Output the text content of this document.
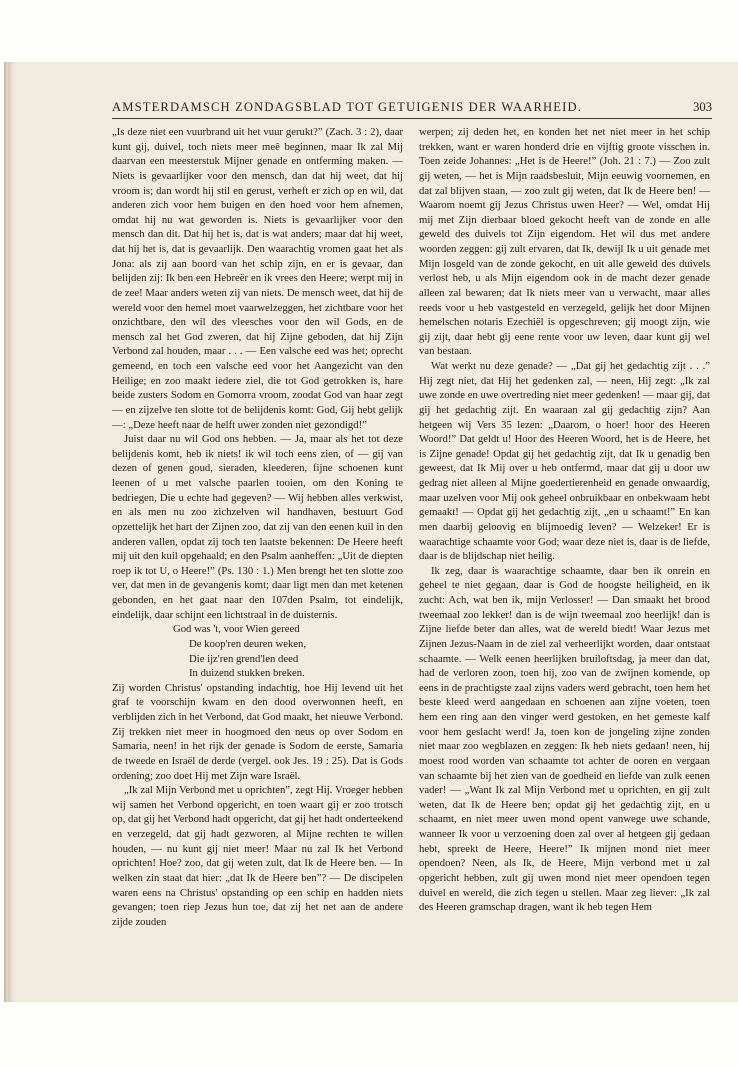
AMSTERDAMSCH ZONDAGSBLAD TOT GETUIGENIS DER WAARHEID.	303

„Is deze niet een vuurbrand uit het vuur gerukt?” (Zach. 3 : 2), daar kunt gij, duivel, toch niets meer meê beginnen, maar Ik zal Mij daarvan een meesterstuk Mijner genade en ontferming maken. — Niets is gevaarlijker voor den mensch, dan dat hij weet, dat hij vroom is; dan wordt hij stil en gerust, verheft er zich op en wil, dat anderen zich voor hem buigen en den hoed voor hem afnemen, omdat hij nu wat geworden is. Niets is gevaarlijker voor den mensch dan dit. Dat hij het is, dat is wat anders; maar dat hij weet, dat hij het is, dat is gevaarlijk. Den waarachtig vromen gaat het als Jona: als zij aan boord van het schip zijn, en er is gevaar, dan belijden zij: Ik ben een Hebreër en ik vrees den Heere; werpt mij in de zee! Maar anders weten zij van niets. De mensch weet, dat hij de wereld voor den hemel moet vaarwelzeggen, het zichtbare voor het onzichtbare, den wil des vleesches voor den wil Gods, en de mensch zal het God zweren, dat hij Zijne geboden, dat hij Zijn Verbond zal houden, maar . . . — Een valsche eed was het; oprecht gemeend, en toch een valsche eed voor het Aangezicht van den Heilige; en zoo maakt iedere ziel, die tot God getrokken is, hare beide zusters Sodom en Gomorra vroom, zoodat God van haar zegt — en zijzelve ten slotte tot de belijdenis komt: God, Gij hebt gelijk —: „Deze heeft naar de helft uwer zonden niet gezondigd!”

Juist daar nu wil God ons hebben. — Ja, maar als het tot deze belijdenis komt, heb ik niets! ik wil toch eens zien, of — gij van dezen of genen goud, sieraden, kleederen, fijne schoenen kunt leenen of u met valsche paarlen tooien, om den Koning te bedriegen, Die u echte had gegeven? — Wij hebben alles verkwist, en als men nu zoo zichzelven wil handhaven, bestuurt God opzettelijk het hart der Zijnen zoo, dat zij van den eenen kuil in den anderen vallen, opdat zij toch ten laatste bekennen: De Heere heeft mij uit den kuil opgehaald; en den Psalm aanheffen: „Uit de diepten roep ik tot U, o Heere!” (Ps. 130 : 1.) Men brengt het ten slotte zoo ver, dat men in de gevangenis komt; daar ligt men dan met ketenen gebonden, en het gaat naar den 107den Psalm, tot eindelijk, eindelijk, daar schijnt een lichtstraal in de duisternis.

God was 't, voor Wien gereed
De koop'ren deuren weken,
Die ijz'ren grend'len deed
In duizend stukken breken.

Zij worden Christus' opstanding indachtig, hoe Hij levend uit het graf te voorschijn kwam en den dood overwonnen heeft, en verblijden zich in het Verbond, dat God maakt, het nieuwe Verbond. Zij trekken niet meer in hoogmoed den neus op over Sodom en Samaria, neen! in het rijk der genade is Sodom de eerste, Samaria de tweede en Israël de derde (vergel. ook Jes. 19 : 25). Dat is Gods ordening; zoo doet Hij met Zijn ware Israël.

„Ik zal Mijn Verbond met u oprichten”, zegt Hij. Vroeger hebben wij samen het Verbond opgericht, en toen waart gij er zoo trotsch op, dat gij het Verbond hadt opgericht, dat gij het hadt onderteekend en verzegeld, dat gij hadt gezworen, al Mijne rechten te willen houden, — nu kunt gij niet meer! Maar nu zal Ik het Verbond oprichten! Hoe? zoo, dat gij weten zult, dat Ik de Heere ben. — In welken zin staat dat hier: „dat Ik de Heere ben”? — De discipelen waren eens na Christus' opstanding op een schip en hadden niets gevangen; toen riep Jezus hun toe, dat zij het net aan de andere zijde zouden

werpen; zij deden het, en konden het net niet meer in het schip trekken, want er waren honderd drie en vijftig groote visschen in. Toen zeide Johannes: „Het is de Heere!” (Joh. 21 : 7.) — Zoo zult gij weten, — het is Mijn raadsbesluit, Mijn eeuwig voornemen, en dat zal blijven staan, — zoo zult gij weten, dat Ik de Heere ben! — Waarom noemt gij Jezus Christus uwen Heer? — Wel, omdat Hij mij met Zijn dierbaar bloed gekocht heeft van de zonde en alle geweld des duivels tot Zijn eigendom. Het wil dus met andere woorden zeggen: gij zult ervaren, dat Ik, dewijl Ik u uit genade met Mijn losgeld van de zonde gekocht, en uit alle geweld des duivels verlost heb, u als Mijn eigendom ook in de macht dezer genade alleen zal bewaren; dat Ik niets meer van u verwacht, maar alles reeds voor u heb vastgesteld en verzegeld, gelijk het door Mijnen hemelschen notaris Ezechiël is opgeschreven; gij moogt zijn, wie gij zijt, daar hebt gij eene rente voor uw leven, daar kunt gij wel van bestaan.

Wat werkt nu deze genade? — „Dat gij het gedachtig zijt . . .” Hij zegt niet, dat Hij het gedenken zal, — neen, Hij zegt: „Ik zal uwe zonde en uwe overtreding niet meer gedenken! — maar gij, dat gij het gedachtig zijt. En waaraan zal gij gedachtig zijn? Aan hetgeen wij Vers 35 lezen: „Daarom, o hoer! hoor des Heeren Woord!” Dat geldt u! Hoor des Heeren Woord, het is de Heere, het is Zijne genade! Opdat gij het gedachtig zijt, dat Ik u genadig ben geweest, dat Ik Mij over u heb ontfermd, maar dat gij u door uw gedrag niet alleen al Mijne goedertierenheid en genade onwaardig, maar uzelven voor Mij ook geheel onbruikbaar en onbekwaam hebt gemaakt! — Opdat gij het gedachtig zijt, „en u schaamt!” En kan men daarbij geloovig en blijmoedig leven? — Welzeker! Er is waarachtige schaamte voor God; waar deze niet is, daar is de liefde, daar is de blijdschap niet heilig.

Ik zeg, daar is waarachtige schaamte, daar ben ik onrein en geheel te niet gegaan, daar is God de hoogste heiligheid, en ik zucht: Ach, wat ben ik, mijn Verlosser! — Dan smaakt het brood tweemaal zoo lekker! dan is de wijn tweemaal zoo heerlijk! dan is Zijne liefde beter dan alles, wat de wereld biedt! Waar Jezus met Zijnen Jezus-Naam in de ziel zal verheerlijkt worden, daar ontstaat schaamte. — Welk eenen heerlijken bruiloftsdag, ja meer dan dat, had de verloren zoon, toen hij, zoo van de zwijnen komende, op eens in de prachtigste zaal zijns vaders werd gebracht, toen hem het beste kleed werd aangedaan en schoenen aan zijne voeten, toen hem een ring aan den vinger werd gestoken, en het gemeste kalf voor hem geslacht werd! Ja, toen kon de jongeling zijne zonden niet maar zoo wegblazen en zeggen: Ik heb niets gedaan! neen, hij moest rood worden van schaamte tot achter de ooren en vergaan van schaamte bij het zien van de goedheid en liefde van zulk eenen vader! — „Want Ik zal Mijn Verbond met u oprichten, en gij zult weten, dat Ik de Heere ben; opdat gij het gedachtig zijt, en u schaamt, en niet meer uwen mond opent vanwege uwe schande, wanneer Ik voor u verzoening doen zal over al hetgeen gij gedaan hebt, spreekt de Heere, Heere!” Ik mijnen mond niet meer opendoen? Neen, als Ik, de Heere, Mijn verbond met u zal opgericht hebben, zult gij uwen mond niet meer opendoen tegen duivel en wereld, die zich tegen u stellen. Maar zeg liever: „Ik zal des Heeren gramschap dragen, want ik heb tegen Hem
